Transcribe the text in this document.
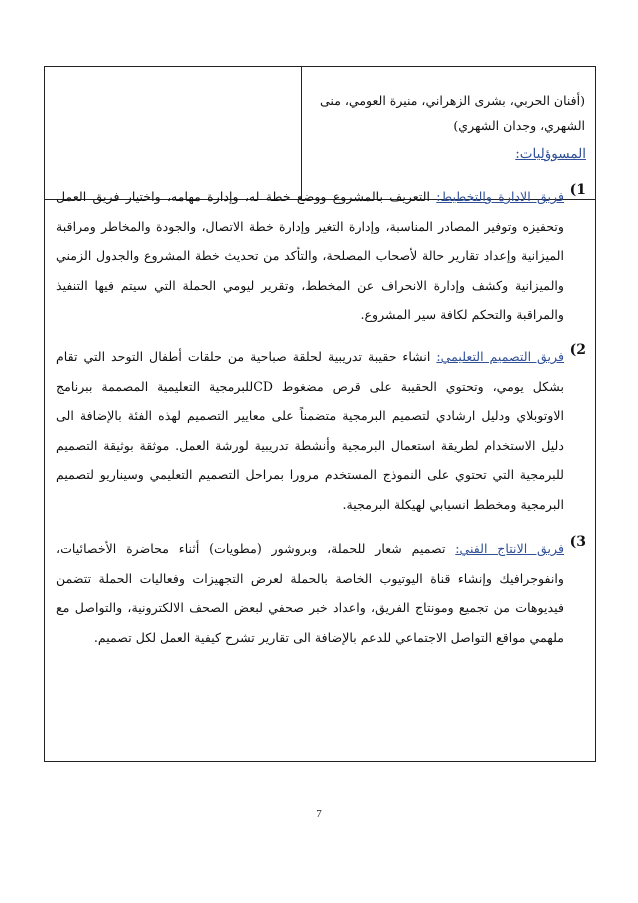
(أفنان الحربي، بشرى الزهراني، منيرة العومي، منى
الشهري، وجدان الشهري)
المسوؤليات:
1)
فريق الادارة والتخطيط: التعريف بالمشروع ووضع خطة له، وإدارة مهامه، واختيار فريق العمل وتحفيزه وتوفير المصادر المناسبة، وإدارة التغير وإدارة خطة الاتصال، والجودة والمخاطر ومراقبة الميزانية وإعداد تقارير حالة لأصحاب المصلحة، والتأكد من تحديث خطة المشروع والجدول الزمني والميزانية وكشف وإدارة الانحراف عن المخطط، وتقرير ليومي الحملة التي سيتم فيها التنفيذ والمراقبة والتحكم لكافة سير المشروع.
2)
فريق التصميم التعليمي: انشاء حقيبة تدريبية لحلقة صباحية من حلقات أطفال التوحد التي تقام بشكل يومي، وتحتوي الحقيبة على قرص مضغوط CDللبرمجية التعليمية المصممة ببرنامج الاوتوبلاي ودليل ارشادي لتصميم البرمجية متضمناً على معايير التصميم لهذه الفئة بالإضافة الى دليل الاستخدام لطريقة استعمال البرمجية وأنشطة تدريبية لورشة العمل. موثقة بوثيقة التصميم للبرمجية التي تحتوي على النموذج المستخدم مرورا بمراحل التصميم التعليمي وسيناريو لتصميم البرمجية ومخطط انسيابي لهيكلة البرمجية.
3)
فريق الانتاج الفني: تصميم شعار للحملة، وبروشور (مطويات) أثناء محاضرة الأخصائيات، وانفوجرافيك وإنشاء قناة اليوتيوب الخاصة بالحملة لعرض التجهيزات وفعاليات الحملة تتضمن فيديوهات من تجميع ومونتاج الفريق، واعداد خبر صحفي لبعض الصحف الالكترونية، والتواصل مع ملهمي مواقع التواصل الاجتماعي للدعم بالإضافة الى تقارير تشرح كيفية العمل لكل تصميم.
7
